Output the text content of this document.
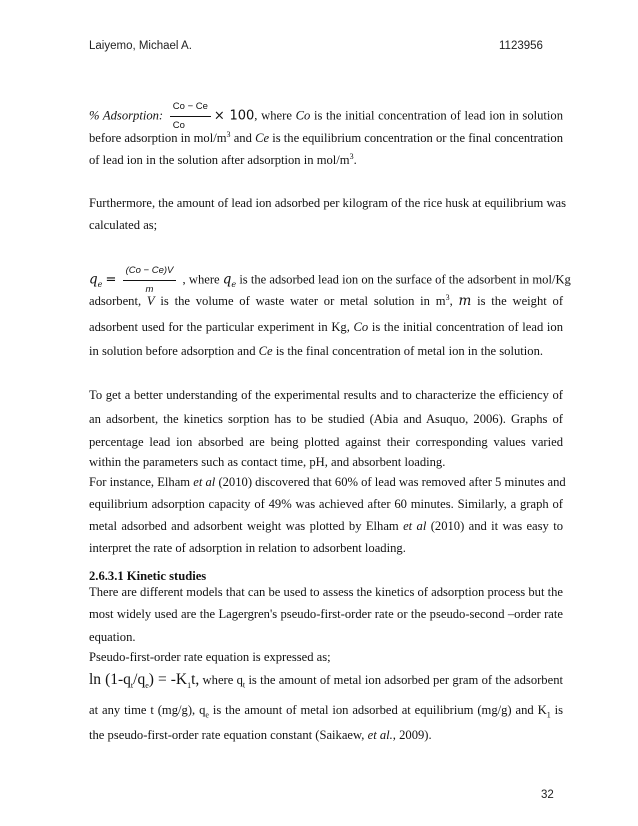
Laiyemo, Michael A.	1123956
% Adsorption: $\frac{Co - Ce}{Co} \times 100$, where Co is the initial concentration of lead ion in solution
before adsorption in mol/$m^3$ and Ce is the equilibrium concentration or the final concentration
of lead ion in the solution after adsorption in mol/$m^3$.
Furthermore, the amount of lead ion adsorbed per kilogram of the rice husk at equilibrium was
calculated as;
$q_e = \frac{(Co - Ce)V}{m}$ , where $q_e$ is the adsorbed lead ion on the surface of the adsorbent in mol/Kg
adsorbent, V is the volume of waste water or metal solution in $m^3$, m is the weight of
adsorbent used for the particular experiment in Kg, Co is the initial concentration of lead ion
in solution before adsorption and Ce is the final concentration of metal ion in the solution.
To get a better understanding of the experimental results and to characterize the efficiency of
an adsorbent, the kinetics sorption has to be studied (Abia and Asuquo, 2006). Graphs of
percentage lead ion absorbed are being plotted against their corresponding values varied
within the parameters such as contact time, pH, and absorbent loading.
For instance, Elham et al (2010) discovered that 60% of lead was removed after 5 minutes and
equilibrium adsorption capacity of 49% was achieved after 60 minutes. Similarly, a graph of
metal adsorbed and adsorbent weight was plotted by Elham et al (2010) and it was easy to
interpret the rate of adsorption in relation to adsorbent loading.
2.6.3.1 Kinetic studies
There are different models that can be used to assess the kinetics of adsorption process but the
most widely used are the Lagergren's pseudo-first-order rate or the pseudo-second –order rate
equation.
Pseudo-first-order rate equation is expressed as;
$\ln (1-q_t/q_e) = -K_1t$, where $q_t$ is the amount of metal ion adsorbed per gram of the adsorbent
at any time t (mg/g), $q_e$ is the amount of metal ion adsorbed at equilibrium (mg/g) and $K_1$ is
the pseudo-first-order rate equation constant (Saikaew, et al., 2009).
32
